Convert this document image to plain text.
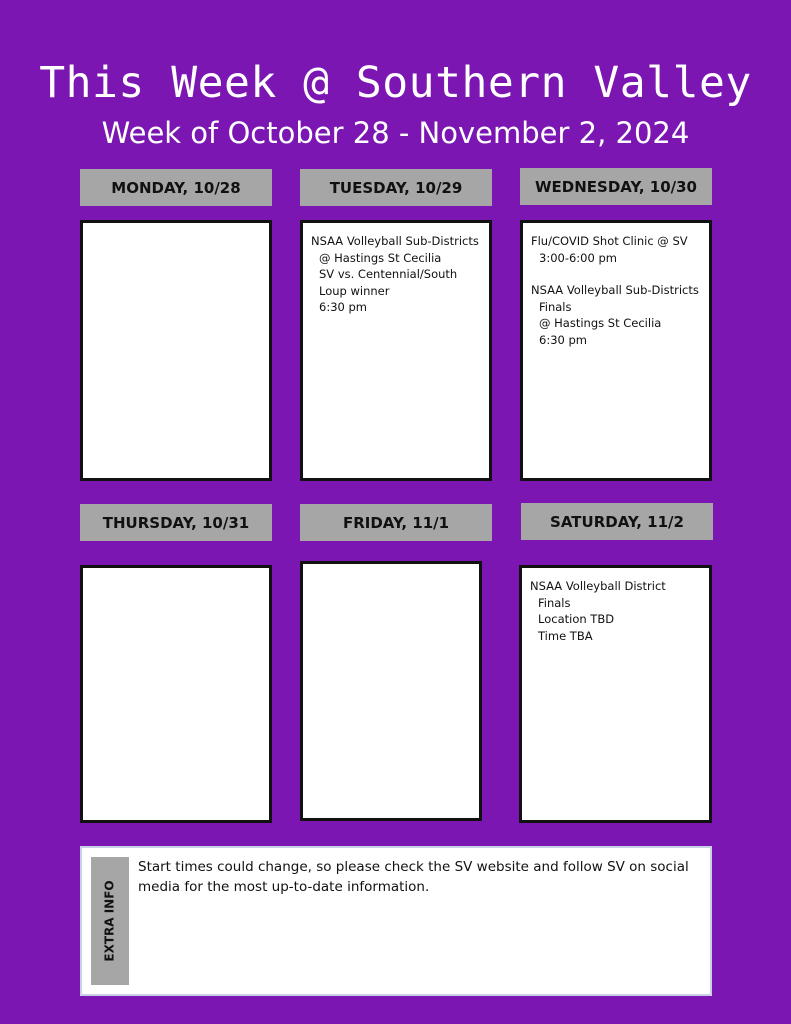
This Week @ Southern Valley
Week of October 28 - November 2, 2024
MONDAY, 10/28	TUESDAY, 10/29	WEDNESDAY, 10/30
NSAA Volleyball Sub-Districts
@ Hastings St Cecilia
SV vs. Centennial/South
Loup winner
6:30 pm
Flu/COVID Shot Clinic @ SV
3:00-6:00 pm
NSAA Volleyball Sub-Districts
Finals
@ Hastings St Cecilia
6:30 pm
THURSDAY, 10/31	FRIDAY, 11/1	SATURDAY, 11/2
NSAA Volleyball District
Finals
Location TBD
Time TBA
EXTRA INFO
Start times could change, so please check the SV website and follow SV on social media for the most up-to-date information.
